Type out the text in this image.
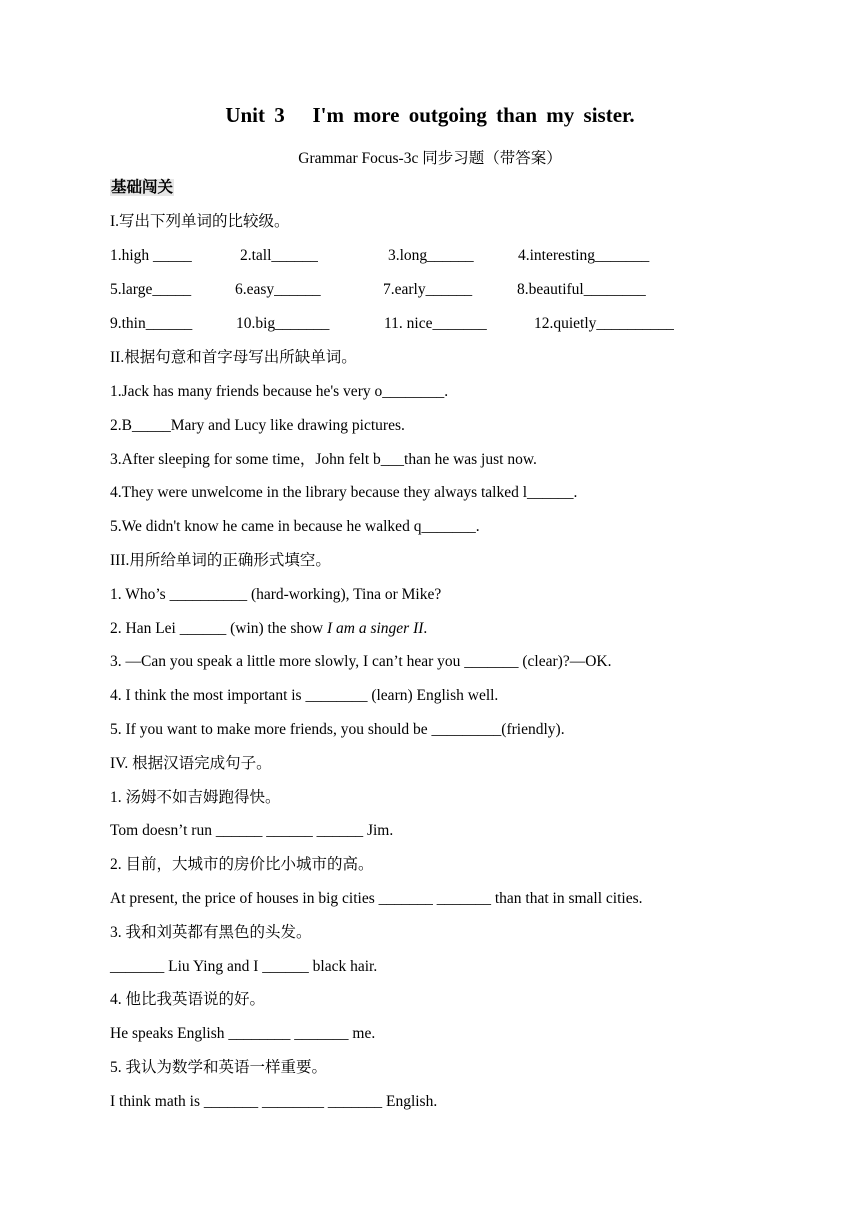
Unit 3   I'm more outgoing than my sister.
Grammar Focus-3c 同步习题（带答案）
基础闯关
I.写出下列单词的比较级。
1.high _____	2.tall______	3.long______	4.interesting_______
5.large_____	6.easy______	7.early______	8.beautiful________
9.thin______	10.big_______	11. nice_______	12.quietly__________
II.根据句意和首字母写出所缺单词。
1.Jack has many friends because he's very o________.
2.B_____Mary and Lucy like drawing pictures.
3.After sleeping for some time，John felt b___than he was just now.
4.They were unwelcome in the library because they always talked l______.
5.We didn't know he came in because he walked q_______.
III.用所给单词的正确形式填空。
1. Who’s __________ (hard-working), Tina or Mike?
2. Han Lei ______ (win) the show I am a singer II.
3. —Can you speak a little more slowly, I can’t hear you _______ (clear)?—OK.
4. I think the most important is ________ (learn) English well.
5. If you want to make more friends, you should be _________(friendly).
IV. 根据汉语完成句子。
1. 汤姆不如吉姆跑得快。
Tom doesn’t run ______ ______ ______ Jim.
2. 目前，大城市的房价比小城市的高。
At present, the price of houses in big cities _______ _______ than that in small cities.
3. 我和刘英都有黑色的头发。
_______ Liu Ying and I ______ black hair.
4. 他比我英语说的好。
He speaks English ________ _______ me.
5. 我认为数学和英语一样重要。
I think math is _______ ________ _______ English.
